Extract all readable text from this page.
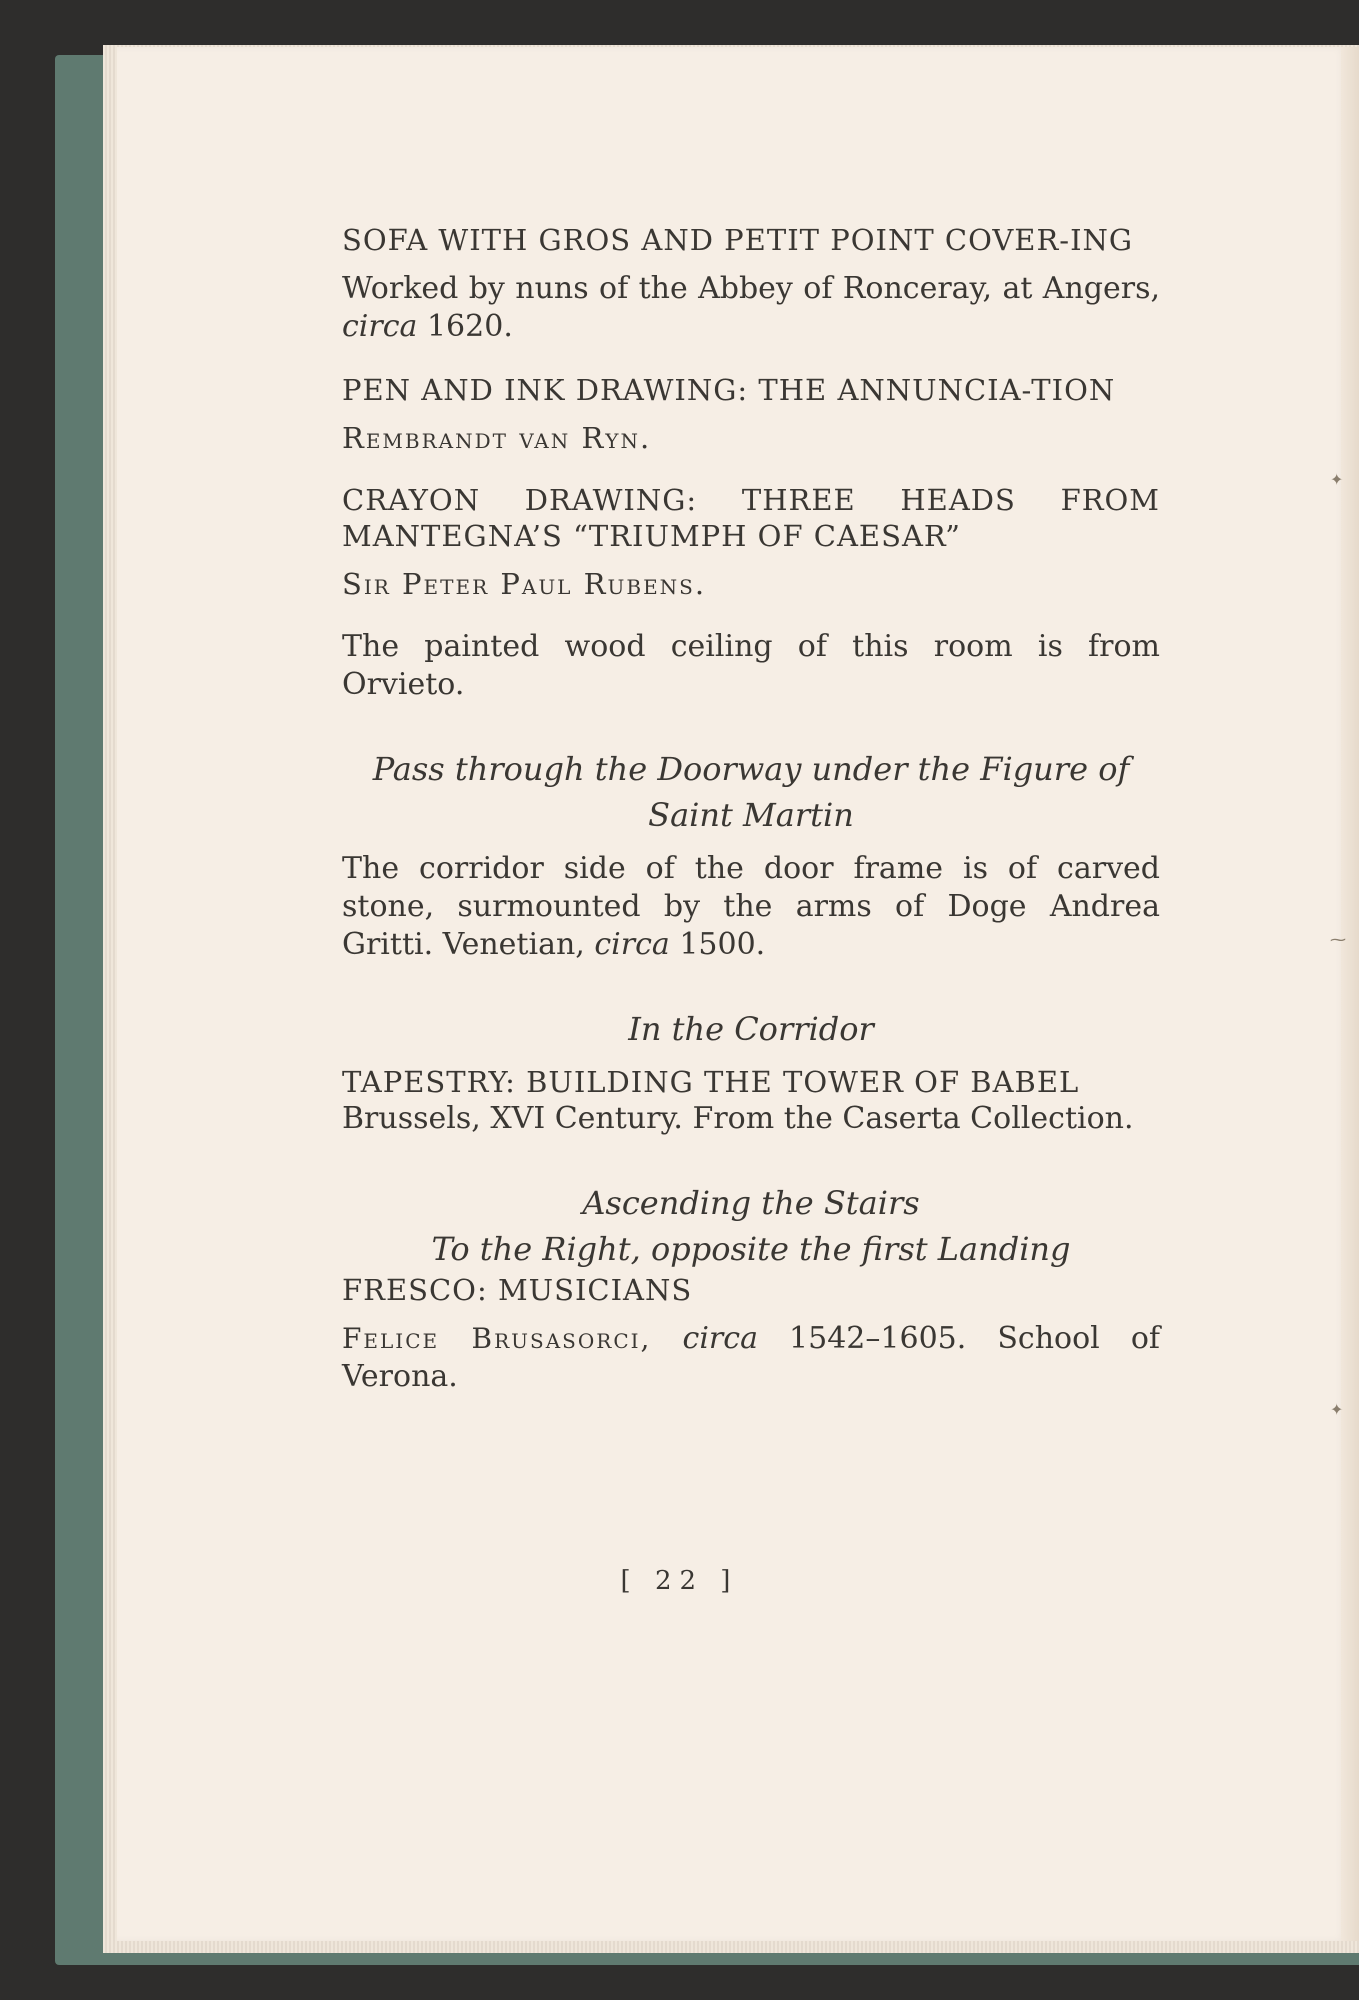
SOFA WITH GROS AND PETIT POINT COVER-ING

Worked by nuns of the Abbey of Ronceray, at Angers, circa 1620.

PEN AND INK DRAWING: THE ANNUNCIA-TION

Rembrandt van Ryn.

CRAYON DRAWING: THREE HEADS FROM MANTEGNA’S “TRIUMPH OF CAESAR”

Sir Peter Paul Rubens.

The painted wood ceiling of this room is from Orvieto.

Pass through the Doorway under the Figure of

Saint Martin

The corridor side of the door frame is of carved stone, surmounted by the arms of Doge Andrea Gritti. Venetian, circa 1500.

In the Corridor

TAPESTRY: BUILDING THE TOWER OF BABEL

Brussels, XVI Century. From the Caserta Collection.

Ascending the Stairs

To the Right, opposite the first Landing

FRESCO: MUSICIANS

Felice Brusasorci, circa 1542–1605. School of Verona.

[ 22 ]
✦
⁓
✦
